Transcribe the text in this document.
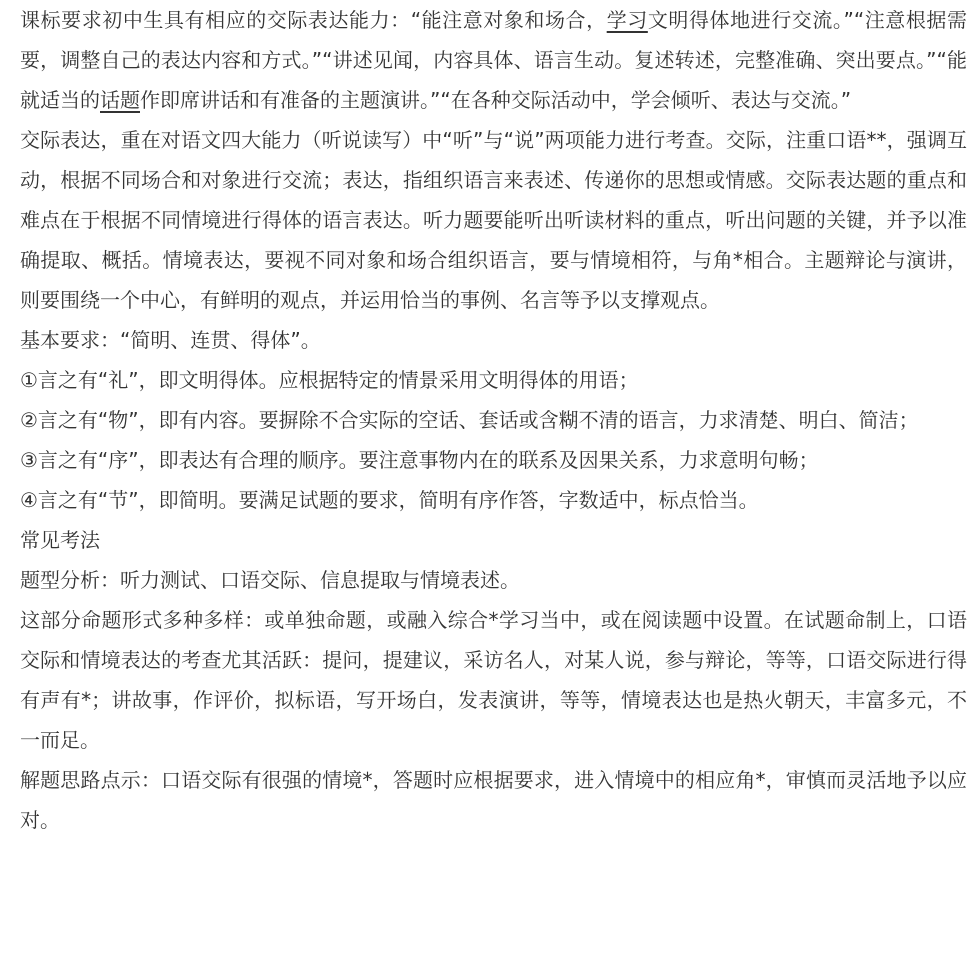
课标要求初中生具有相应的交际表达能力：“能注意对象和场合，学习文明得体地进行交流。”“注意根据需要，调整自己的表达内容和方式。”“讲述见闻，内容具体、语言生动。复述转述，完整准确、突出要点。”“能就适当的话题作即席讲话和有准备的主题演讲。”“在各种交际活动中，学会倾听、表达与交流。”

交际表达，重在对语文四大能力（听说读写）中“听”与“说”两项能力进行考查。交际，注重口语**，强调互动，根据不同场合和对象进行交流；表达，指组织语言来表述、传递你的思想或情感。交际表达题的重点和难点在于根据不同情境进行得体的语言表达。听力题要能听出听读材料的重点，听出问题的关键，并予以准确提取、概括。情境表达，要视不同对象和场合组织语言，要与情境相符，与角*相合。主题辩论与演讲，则要围绕一个中心，有鲜明的观点，并运用恰当的事例、名言等予以支撑观点。

基本要求：“简明、连贯、得体”。

①言之有“礼”，即文明得体。应根据特定的情景采用文明得体的用语；

②言之有“物”，即有内容。要摒除不合实际的空话、套话或含糊不清的语言，力求清楚、明白、简洁；

③言之有“序”，即表达有合理的顺序。要注意事物内在的联系及因果关系，力求意明句畅；

④言之有“节”，即简明。要满足试题的要求，简明有序作答，字数适中，标点恰当。

常见考法

题型分析：听力测试、口语交际、信息提取与情境表述。

这部分命题形式多种多样：或单独命题，或融入综合*学习当中，或在阅读题中设置。在试题命制上，口语交际和情境表达的考查尤其活跃：提问，提建议，采访名人，对某人说，参与辩论，等等，口语交际进行得有声有*；讲故事，作评价，拟标语，写开场白，发表演讲，等等，情境表达也是热火朝天，丰富多元，不一而足。

解题思路点示：口语交际有很强的情境*，答题时应根据要求，进入情境中的相应角*，审慎而灵活地予以应对。
